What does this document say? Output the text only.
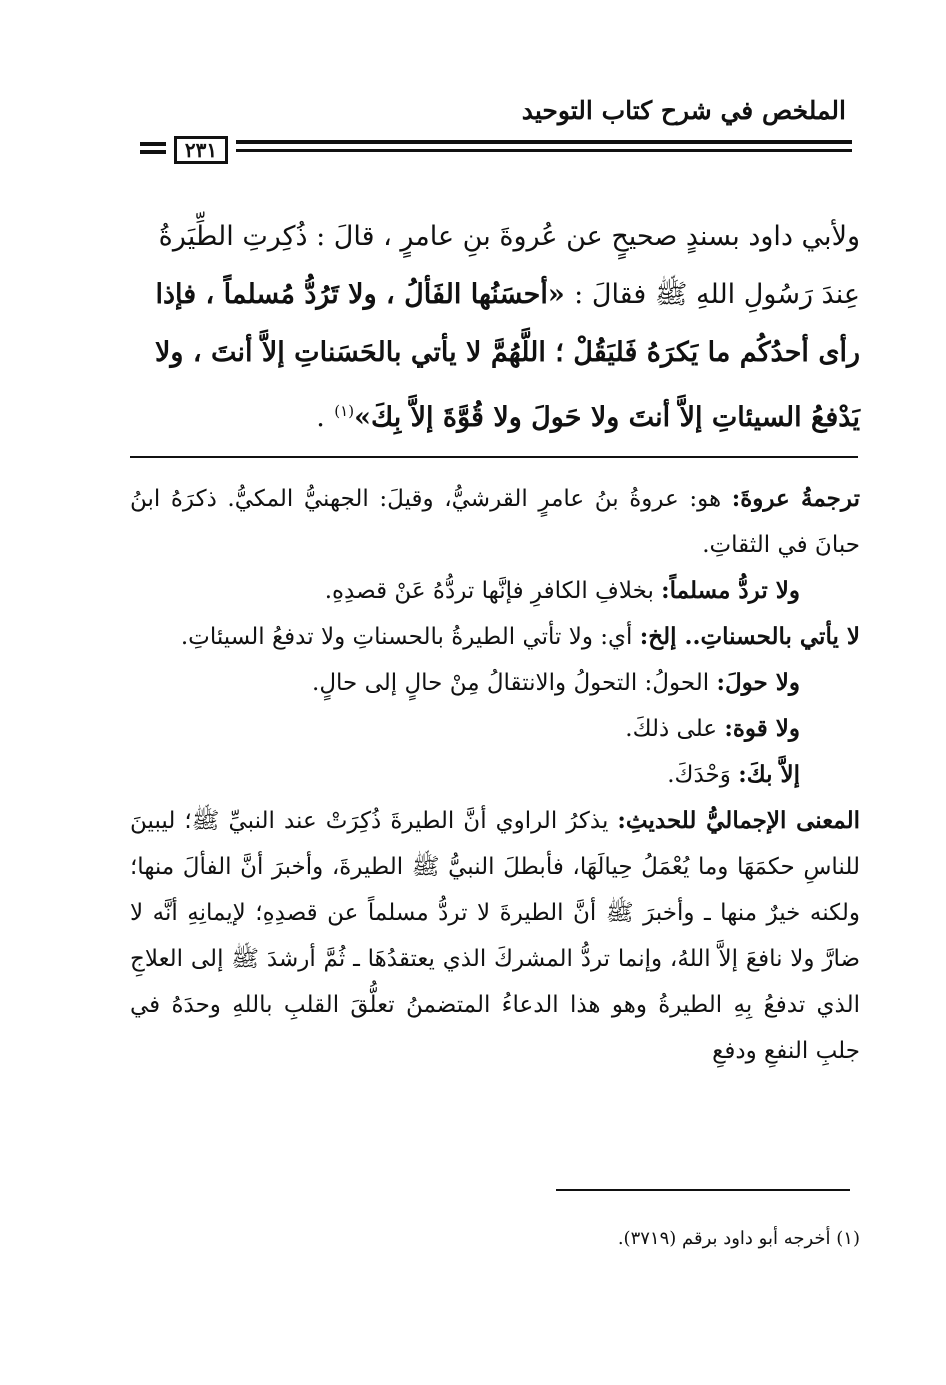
الملخص في شرح كتاب التوحيد
٢٣١
ولأبي داود بسندٍ صحيحٍ عن عُروةَ بنِ عامرٍ ، قالَ : ذُكِرتِ الطِّيَرةُ عِندَ رَسُولِ اللهِ ﷺ فقالَ : «أحسَنُها الفَألُ ، ولا تَرُدُّ مُسلماً ، فإذا رأى أحدُكُم ما يَكرَهُ فَليَقُلْ ؛ اللَّهُمَّ لا يأتي بالحَسَناتِ إلاَّ أنتَ ، ولا يَدْفعُ السيئاتِ إلاَّ أنتَ ولا حَولَ ولا قُوَّةَ إلاَّ بِكَ»$^{(١)}$ .

ترجمةُ عروةَ: هو: عروةُ بنُ عامرٍ القرشيُّ، وقيلَ: الجهنيُّ المكيُّ. ذكرَهُ ابنُ حبانَ في الثقاتِ.

ولا تردُّ مسلماً: بخلافِ الكافرِ فإنَّها تردُّهُ عَنْ قصدِهِ.

لا يأتي بالحسناتِ.. إلخ: أي: ولا تأتي الطيرةُ بالحسناتِ ولا تدفعُ السيئاتِ.

ولا حولَ: الحولُ: التحولُ والانتقالُ مِنْ حالٍ إلى حالٍ.

ولا قوة: على ذلكَ.

إلاَّ بكَ: وَحْدَكَ.

المعنى الإجماليُّ للحديثِ: يذكرُ الراوي أنَّ الطيرةَ ذُكِرَتْ عند النبيِّ ﷺ؛ ليبينَ للناسِ حكمَهَا وما يُعْمَلُ حِيالَهَا، فأبطلَ النبيُّ ﷺ الطيرةَ، وأخبرَ أنَّ الفألَ منها؛ ولكنه خيرٌ منها ـ وأخبرَ ﷺ أنَّ الطيرةَ لا تردُّ مسلماً عن قصدِهِ؛ لإيمانِهِ أنَّه لا ضارَّ ولا نافعَ إلاَّ اللهُ، وإنما تردُّ المشركَ الذي يعتقدُهَا ـ ثُمَّ أرشدَ ﷺ إلى العلاجِ الذي تدفعُ بِهِ الطيرةُ وهو هذا الدعاءُ المتضمنُ تعلُّقَ القلبِ باللهِ وحدَهُ في جلبِ النفعِ ودفعِ

(١) أخرجه أبو داود برقم (٣٧١٩).
